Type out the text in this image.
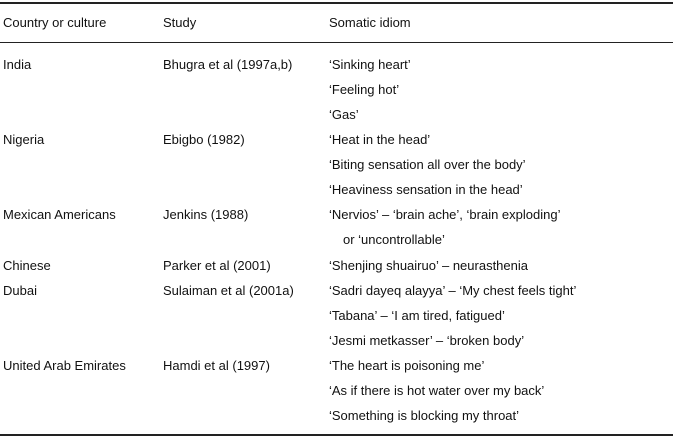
Country or culture	Study	Somatic idiom
India	Bhugra et al (1997a,b)	‘Sinking heart’
‘Feeling hot’
‘Gas’
Nigeria	Ebigbo (1982)	‘Heat in the head’
‘Biting sensation all over the body’
‘Heaviness sensation in the head’
Mexican Americans	Jenkins (1988)	‘Nervios’ – ‘brain ache’, ‘brain exploding’
or ‘uncontrollable’
Chinese	Parker et al (2001)	‘Shenjing shuairuo’ – neurasthenia
Dubai	Sulaiman et al (2001a)	‘Sadri dayeq alayya’ – ‘My chest feels tight’
‘Tabana’ – ‘I am tired, fatigued’
‘Jesmi metkasser’ – ‘broken body’
United Arab Emirates	Hamdi et al (1997)	‘The heart is poisoning me’
‘As if there is hot water over my back’
‘Something is blocking my throat’
